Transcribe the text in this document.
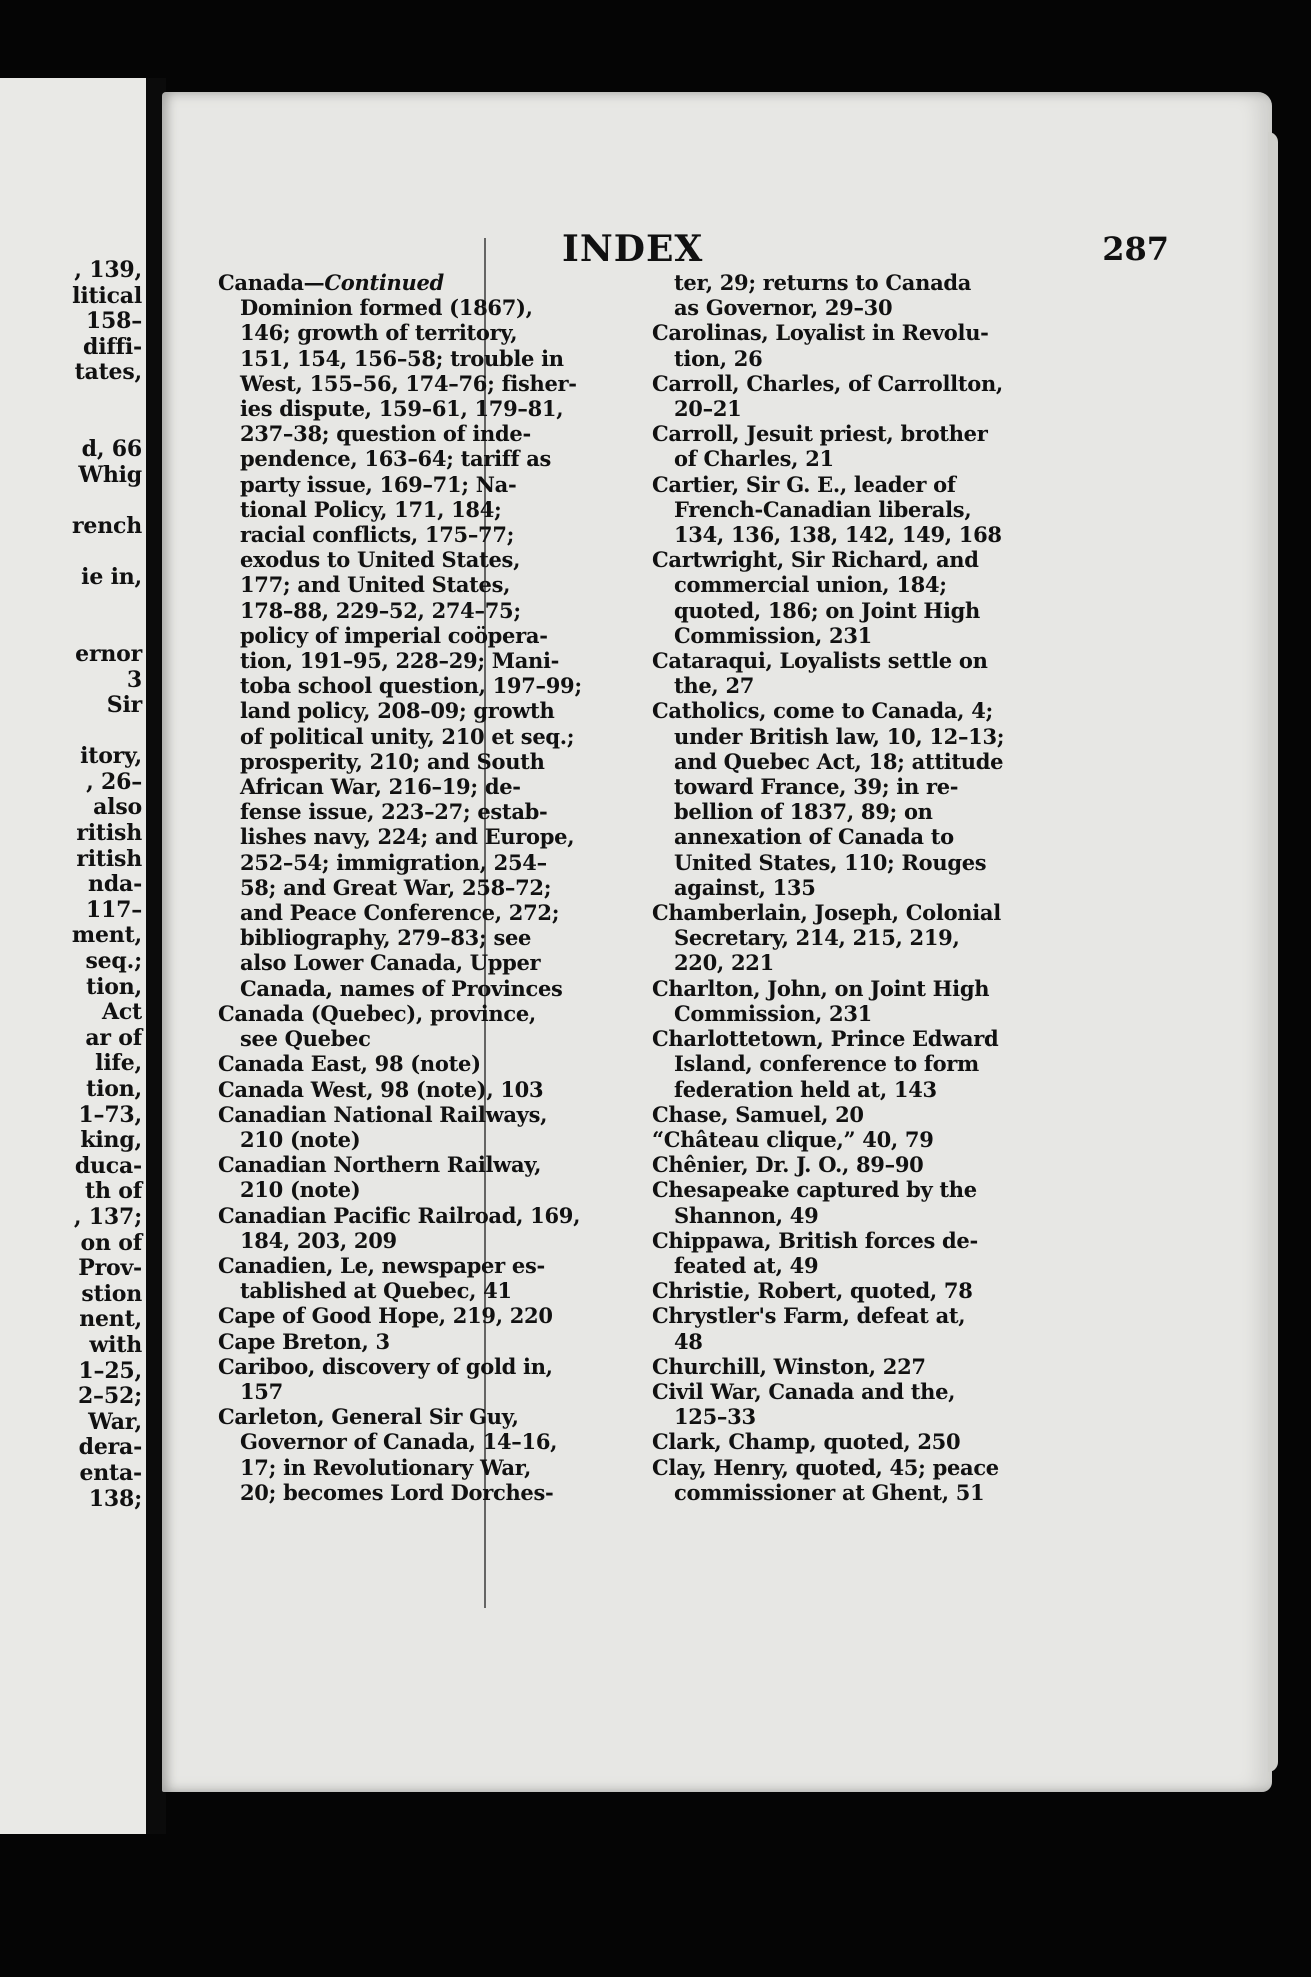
, 139,
litical
158–
diffi-
tates,
d, 66
Whig
rench
ie in,
ernor
3
Sir
itory,
, 26–
also
ritish
ritish
nda-
117–
ment,
seq.;
tion,
Act
ar of
life,
tion,
1–73,
king,
duca-
th of
, 137;
on of
Prov-
stion
nent,
with
1–25,
2–52;
War,
dera-
enta-
138;
INDEX	287
Canada—Continued
Dominion formed (1867),
146; growth of territory,
151, 154, 156–58; trouble in
West, 155–56, 174–76; fisher-
ies dispute, 159–61, 179–81,
237–38; question of inde-
pendence, 163–64; tariff as
party issue, 169–71; Na-
tional Policy, 171, 184;
racial conflicts, 175–77;
exodus to United States,
177; and United States,
178–88, 229–52, 274–75;
policy of imperial coöpera-
tion, 191–95, 228–29; Mani-
toba school question, 197–99;
land policy, 208–09; growth
of political unity, 210 et seq.;
prosperity, 210; and South
African War, 216–19; de-
fense issue, 223–27; estab-
lishes navy, 224; and Europe,
252–54; immigration, 254–
58; and Great War, 258–72;
and Peace Conference, 272;
bibliography, 279–83; see
also Lower Canada, Upper
Canada, names of Provinces
Canada (Quebec), province,
see Quebec
Canada East, 98 (note)
Canada West, 98 (note), 103
Canadian National Railways,
210 (note)
Canadian Northern Railway,
210 (note)
Canadian Pacific Railroad, 169,
184, 203, 209
Canadien, Le, newspaper es-
tablished at Quebec, 41
Cape of Good Hope, 219, 220
Cape Breton, 3
Cariboo, discovery of gold in,
157
Carleton, General Sir Guy,
Governor of Canada, 14–16,
17; in Revolutionary War,
20; becomes Lord Dorches-
ter, 29; returns to Canada
as Governor, 29–30
Carolinas, Loyalist in Revolu-
tion, 26
Carroll, Charles, of Carrollton,
20–21
Carroll, Jesuit priest, brother
of Charles, 21
Cartier, Sir G. E., leader of
French-Canadian liberals,
134, 136, 138, 142, 149, 168
Cartwright, Sir Richard, and
commercial union, 184;
quoted, 186; on Joint High
Commission, 231
Cataraqui, Loyalists settle on
the, 27
Catholics, come to Canada, 4;
under British law, 10, 12–13;
and Quebec Act, 18; attitude
toward France, 39; in re-
bellion of 1837, 89; on
annexation of Canada to
United States, 110; Rouges
against, 135
Chamberlain, Joseph, Colonial
Secretary, 214, 215, 219,
220, 221
Charlton, John, on Joint High
Commission, 231
Charlottetown, Prince Edward
Island, conference to form
federation held at, 143
Chase, Samuel, 20
“Château clique,” 40, 79
Chênier, Dr. J. O., 89–90
Chesapeake captured by the
Shannon, 49
Chippawa, British forces de-
feated at, 49
Christie, Robert, quoted, 78
Chrystler's Farm, defeat at,
48
Churchill, Winston, 227
Civil War, Canada and the,
125–33
Clark, Champ, quoted, 250
Clay, Henry, quoted, 45; peace
commissioner at Ghent, 51
